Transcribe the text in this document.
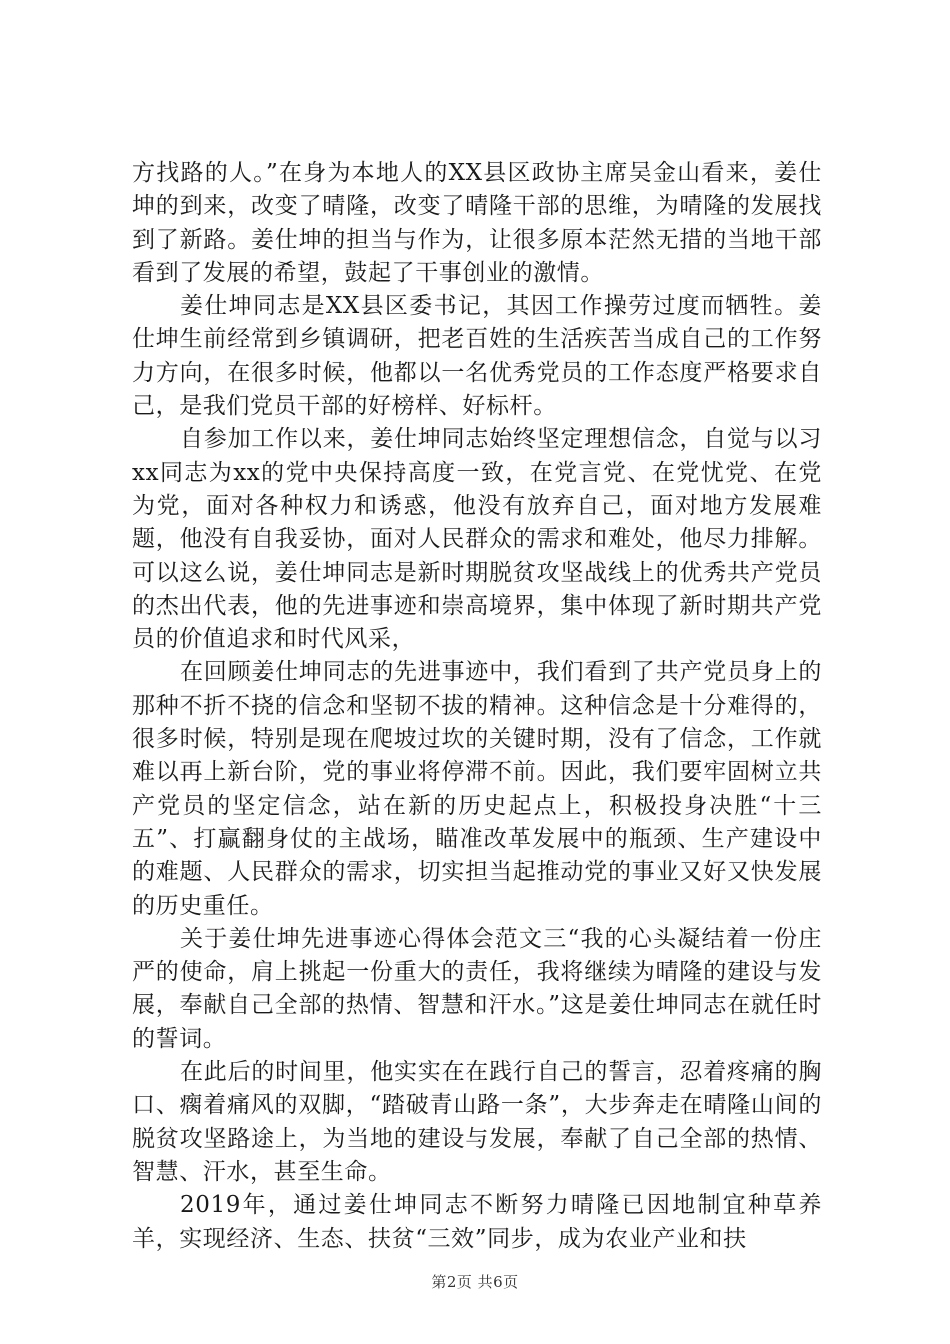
方找路的人。”在身为本地人的XX县区政协主席吴金山看来，姜仕坤的到来，改变了晴隆，改变了晴隆干部的思维，为晴隆的发展找到了新路。姜仕坤的担当与作为，让很多原本茫然无措的当地干部看到了发展的希望，鼓起了干事创业的激情。

姜仕坤同志是XX县区委书记，其因工作操劳过度而牺牲。姜仕坤生前经常到乡镇调研，把老百姓的生活疾苦当成自己的工作努力方向，在很多时候，他都以一名优秀党员的工作态度严格要求自己，是我们党员干部的好榜样、好标杆。

自参加工作以来，姜仕坤同志始终坚定理想信念，自觉与以习xx同志为xx的党中央保持高度一致，在党言党、在党忧党、在党为党，面对各种权力和诱惑，他没有放弃自己，面对地方发展难题，他没有自我妥协，面对人民群众的需求和难处，他尽力排解。可以这么说，姜仕坤同志是新时期脱贫攻坚战线上的优秀共产党员的杰出代表，他的先进事迹和崇高境界，集中体现了新时期共产党员的价值追求和时代风采，

在回顾姜仕坤同志的先进事迹中，我们看到了共产党员身上的那种不折不挠的信念和坚韧不拔的精神。这种信念是十分难得的，很多时候，特别是现在爬坡过坎的关键时期，没有了信念，工作就难以再上新台阶，党的事业将停滞不前。因此，我们要牢固树立共产党员的坚定信念，站在新的历史起点上，积极投身决胜“十三五”、打赢翻身仗的主战场，瞄准改革发展中的瓶颈、生产建设中的难题、人民群众的需求，切实担当起推动党的事业又好又快发展的历史重任。

关于姜仕坤先进事迹心得体会范文三“我的心头凝结着一份庄严的使命，肩上挑起一份重大的责任，我将继续为晴隆的建设与发展，奉献自己全部的热情、智慧和汗水。”这是姜仕坤同志在就任时的誓词。

在此后的时间里，他实实在在践行自己的誓言，忍着疼痛的胸口、瘸着痛风的双脚，“踏破青山路一条”，大步奔走在晴隆山间的脱贫攻坚路途上，为当地的建设与发展，奉献了自己全部的热情、智慧、汗水，甚至生命。

2019年，通过姜仕坤同志不断努力晴隆已因地制宜种草养羊，实现经济、生态、扶贫“三效”同步，成为农业产业和扶

第2页 共6页
